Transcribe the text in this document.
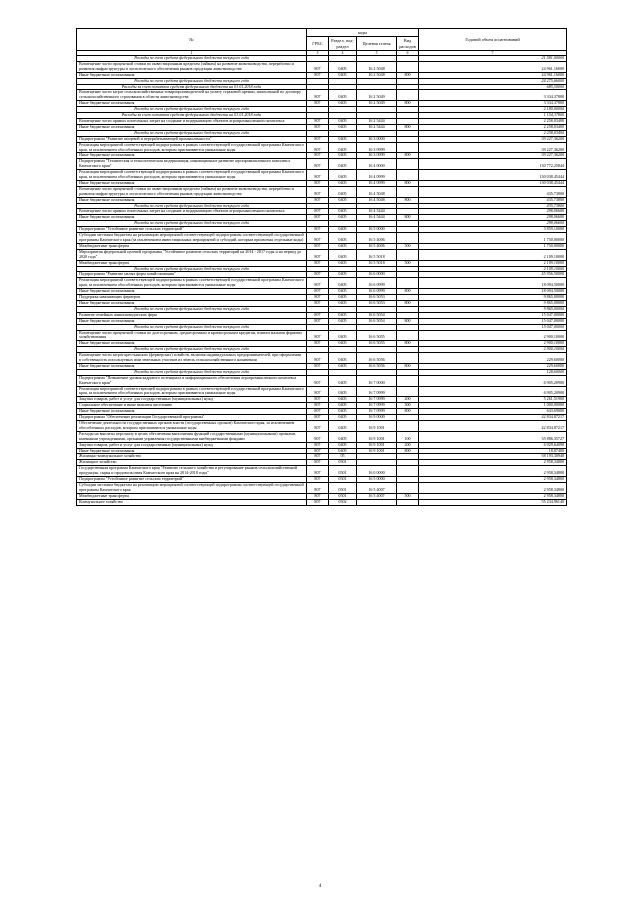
№	коды				Годовой объем ассигнований
	ГРБС	Раздел, под-раздел	Целевая статья	Вид расходов	
1	3	4	5	6	7
Расходы за счет средств федерального бюджета текущего года					21 581,00000
Возмещение части процентной ставки по инвестиционным кредитам (займам) на развитие животноводства, переработки и развития инфраструктуры и логистического обеспечения рынков продукции животноводства	807	0405	16 2 5048		24 961,16000
Иные бюджетные ассигнования	807	0405	16 2 5048	800	24 961,16000
Расходы за счет средств федерального бюджета текущего года					24 275,66000
Расходы за счет остатков средств федерального бюджета на 01.01.2018 года					685,50000
Возмещение части затрат сельскохозяйственных товаропроизводителей на уплату страховой премии, начисленной по договору сельскохозяйственного страхования в области животноводства	807	0405	16 2 5049		3 334,37800
Иные бюджетные ассигнования	807	0405	16 2 5049	800	3 334,37800
Расходы за счет средств федерального бюджета текущего года					2 180,00000
Расходы за счет остатков средств федерального бюджета на 01.01.2018 года					1 154,37800
Возмещение части прямых понесенных затрат на создание и модернизацию объектов агропромышленного комплекса	807	0405	16 2 5444		2 258,03400
Иные бюджетные ассигнования	807	0405	16 2 5444	800	2 258,03400
Расходы за счет средств федерального бюджета текущего года					2 258,03400
Подпрограмма "Развитие пищевой и перерабатывающей промышленности"	807	0405	16 3 0000		39 227,36200
Реализация мероприятий соответствующей подпрограммы в рамках соответствующей государственной программы Камчатского края, за исключением обособленных расходов, которым присваиваются уникальные коды	807	0405	16 3 0999		39 227,36200
Иные бюджетные ассигнования	807	0405	16 3 0999	800	39 227,36200
Подпрограмма "Техническая и технологическая модернизация, инновационное развитие агропромышленного комплекса Камчатского края"	807	0405	16 4 0000		130 772,25844
Реализация мероприятий соответствующей подпрограммы в рамках соответствующей государственной программы Камчатского края, за исключением обособленных расходов, которым присваиваются уникальные коды	807	0405	16 4 0999		130 038,45444
Иные бюджетные ассигнования	807	0405	16 4 0999	800	130 038,45444
Возмещение части процентной ставки по инвестиционным кредитам (займам) на развитие животноводства, переработки и развития инфраструктуры и логистического обеспечения рынков продукции животноводства	807	0405	16 4 5048		435,73800
Иные бюджетные ассигнования	807	0405	16 4 5048	800	435,73800
Расходы за счет средств федерального бюджета текущего года					435,73800
Возмещение части прямых понесенных затрат на создание и модернизацию объектов агропромышленного комплекса	807	0405	16 4 5444		298,06600
Иные бюджетные ассигнования	807	0405	16 4 5444	800	298,06600
Расходы за счет средств федерального бюджета текущего года					298,06600
Подпрограмма "Устойчивое развитие сельских территорий"	807	0405	16 5 0000		3 859,10000
Субсидии местным бюджетам на реализацию мероприятий соответствующей подпрограммы соответствующей государственной программы Камчатского края (за исключением инвестиционных мероприятий и субсидий, которым присвоены отдельные коды)	807	0405	16 5 4006		1 750,00000
Межбюджетные трансферты	807	0405	16 5 4006	500	1 750,00000
Мероприятия федеральной целевой программы "Устойчивое развитие сельских территорий на 2014 - 2017 годы и на период до 2020 года"	807	0405	16 5 5018		2 109,10000
Межбюджетные трансферты	807	0405	16 5 5018	500	2 109,10000
Расходы за счет средств федерального бюджета текущего года					2 109,10000
Подпрограмма "Развитие малых форм хозяйствования"	807	0405	16 6 0000		45 956,50000
Реализация мероприятий соответствующей подпрограммы в рамках соответствующей государственной программы Камчатского края, за исключением обособленных расходов, которым присваиваются уникальные коды	807	0405	16 6 0999		18 094,50000
Иные бюджетные ассигнования	807	0405	16 6 0999	800	18 094,50000
Поддержка начинающих фермеров	807	0405	16 6 5053		9 865,00000
Иные бюджетные ассигнования	807	0405	16 6 5053	800	9 865,00000
Расходы за счет средств федерального бюджета текущего года					9 865,00000
Развитие семейных животноводческих ферм	807	0405	16 6 5054		15 047,00000
Иные бюджетные ассигнования	807	0405	16 6 5054	800	15 047,00000
Расходы за счет средств федерального бюджета текущего года					15 047,00000
Возмещение части процентной ставки по долгосрочным, среднесрочным и краткосрочным кредитам, взятым малыми формами хозяйствования	807	0405	16 6 5055		2 900,10000
Иные бюджетные ассигнования	807	0405	16 6 5055	800	2 900,10000
Расходы за счет средств федерального бюджета текущего года					2 900,10000
Возмещение части затрат крестьянских (фермерских) хозяйств, включая индивидуальных предпринимателей, при оформлении в собственность используемых ими земельных участков из земель сельскохозяйственного назначения	807	0405	16 6 5056		229,60000
Иные бюджетные ассигнования	807	0405	16 6 5056	800	229,60000
Расходы за счет средств федерального бюджета текущего года					128,60000
Подпрограмма "Повышение уровня кадрового потенциала и информационного обеспечения агропромышленного комплекса Камчатского края"	807	0405	16 7 0000		6 905,20900
Реализация мероприятий соответствующей подпрограммы в рамках соответствующей государственной программы Камчатского края, за исключением обособленных расходов, которым присваиваются уникальные коды	807	0405	16 7 0999		6 905,20900
Закупка товаров, работ и услуг для государственных (муниципальных) нужд	807	0405	16 7 0999	200	5 261,51900
Социальное обеспечение и иные выплаты населению	807	0405	16 7 0999	300	1 000,00000
Иные бюджетные ассигнования	807	0405	16 7 0999	800	643,69000
Подпрограмма "Обеспечение реализации Государственной программы"	807	0405	16 9 0000		42 834,87217
Обеспечение деятельности государственных органов власти (государственных органов) Камчатского края, за исключением обособленных расходов, которым присваиваются уникальные коды	807	0405	16 9 1001		42 834,87217
Расходы на выплаты персоналу в целях обеспечения выполнения функций государственными (муниципальными) органами, казенными учреждениями, органами управления государственными внебюджетными фондами	807	0405	16 9 1001	100	35 886,35727
Закупка товаров, работ и услуг для государственных (муниципальных) нужд	807	0405	16 9 1001	200	6 929,64090
Иные бюджетные ассигнования	807	0405	16 9 1001	800	18,87400
Жилищно-коммунальное хозяйство	807	05			58 193,30940
Жилищное хозяйство	807	0501			2 958,34800
Государственная программа Камчатского края "Развитие сельского хозяйства и регулирование рынков сельскохозяйственной продукции, сырья и продовольствия Камчатского края на 2014-2018 годы"	807	0501	16 0 0000		2 958,34800
Подпрограмма "Устойчивое развитие сельских территорий"	807	0501	16 5 0000		2 958,34800
Субсидии местным бюджетам на реализацию мероприятий соответствующей подпрограммы соответствующей государственной программы Камчатского края	807	0501	16 5 4007		2 958,34800
Межбюджетные трансферты	807	0501	16 5 4007	500	2 958,34800
Коммунальное хозяйство	807	0502			55 234,96140
4
